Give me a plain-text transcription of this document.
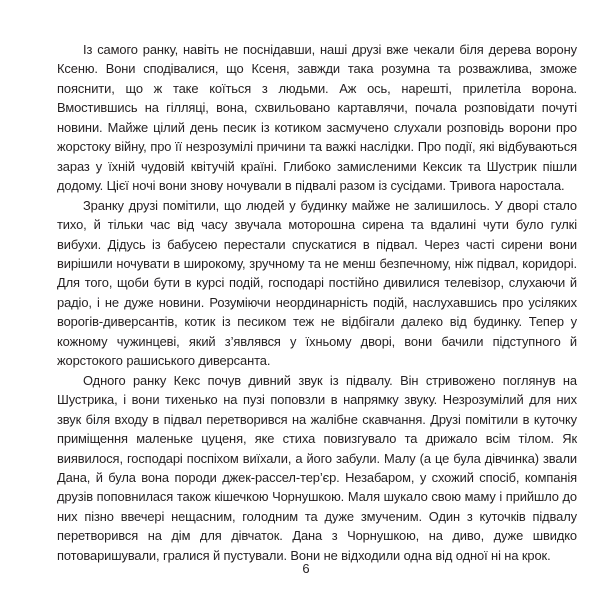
Із самого ранку, навіть не поснідавши, наші друзі вже чекали біля дерева ворону Ксеню. Вони сподівалися, що Ксеня, завжди така розумна та розважлива, зможе пояснити, що ж таке коїться з людьми. Аж ось, нарешті, прилетіла ворона. Вмостившись на гілляці, вона, схвильовано картавлячи, почала розповідати почуті новини. Майже цілий день песик із котиком засмучено слухали розповідь ворони про жорстоку війну, про її незрозумілі причини та важкі наслідки. Про події, які відбуваються зараз у їхній чудовій квітучій країні. Глибоко замисленими Кексик та Шустрик пішли додому. Цієї ночі вони знову ночували в підвалі разом із сусідами. Тривога наростала.

Зранку друзі помітили, що людей у будинку майже не залишилось. У дворі стало тихо, й тільки час від часу звучала моторошна сирена та вдалині чути було гулкі вибухи. Дідусь із бабусею перестали спускатися в підвал. Через часті сирени вони вирішили ночувати в широкому, зручному та не менш безпечному, ніж підвал, коридорі. Для того, щоби бути в курсі подій, господарі постійно дивилися телевізор, слухаючи й радіо, і не дуже новини. Розуміючи неординарність подій, наслухавшись про усіляких ворогів-диверсантів, котик із песиком теж не відбігали далеко від будинку. Тепер у кожному чужинцеві, який з’являвся у їхньому дворі, вони бачили підступного й жорстокого рашиського диверсанта.

Одного ранку Кекс почув дивний звук із підвалу. Він стривожено поглянув на Шустрика, і вони тихенько на пузі поповзли в напрямку звуку. Незрозумілий для них звук біля входу в підвал перетворився на жалібне скавчання. Друзі помітили в куточку приміщення маленьке цуценя, яке стиха повизгувало та дрижало всім тілом. Як виявилося, господарі поспіхом виїхали, а його забули. Малу (а це була дівчинка) звали Дана, й була вона породи джек-рассел-тер’єр. Незабаром, у схожий спосіб, компанія друзів поповнилася також кішечкою Чорнушкою. Маля шукало свою маму і прийшло до них пізно ввечері нещасним, голодним та дуже змученим. Один з куточків підвалу перетворився на дім для дівчаток. Дана з Чорнушкою, на диво, дуже швидко потоваришували, гралися й пустували. Вони не відходили одна від одної ні на крок.

6
